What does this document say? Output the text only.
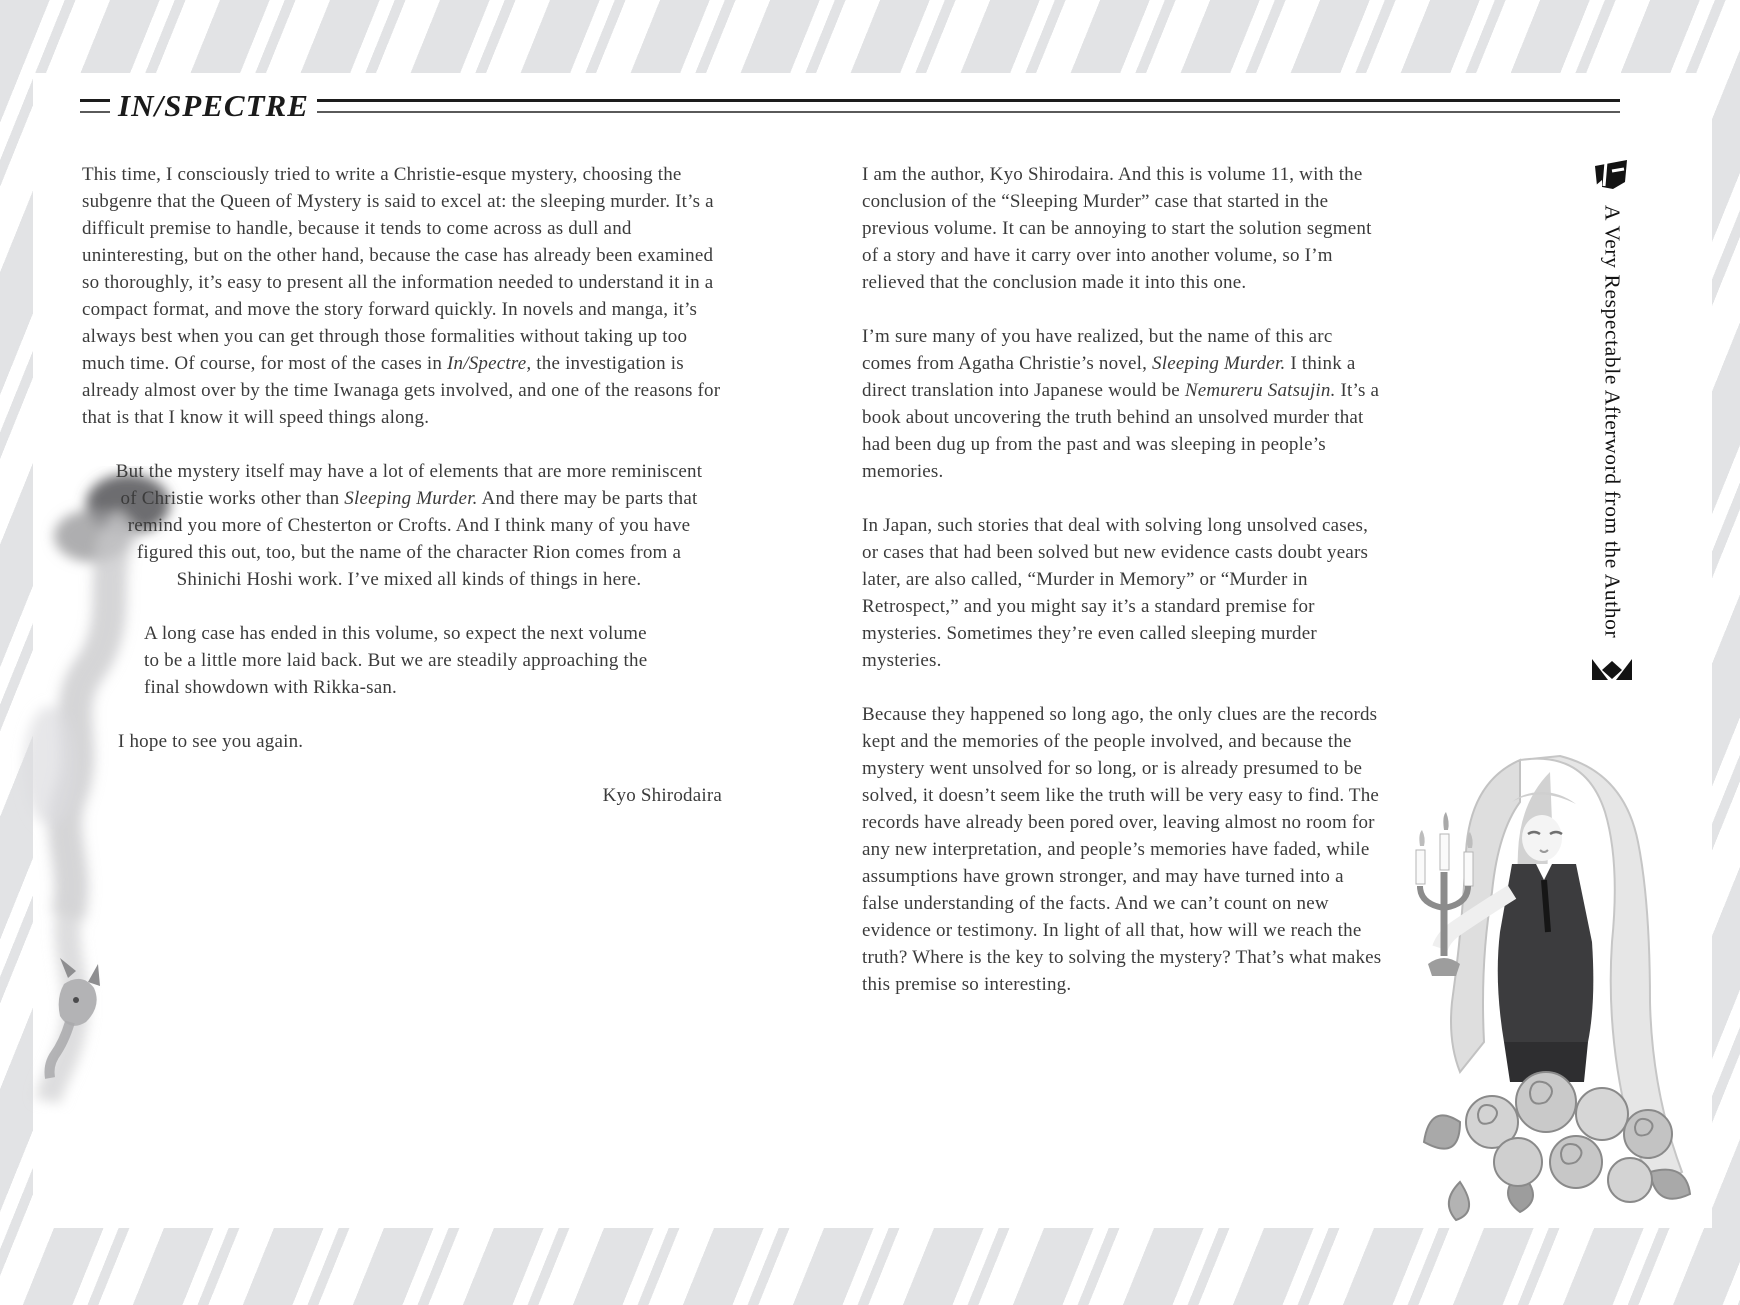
IN/SPECTRE

This time, I consciously tried to write a Christie-esque mystery, choosing the subgenre that the Queen of Mystery is said to excel at: the sleeping murder. It’s a difficult premise to handle, because it tends to come across as dull and uninteresting, but on the other hand, because the case has already been examined so thoroughly, it’s easy to present all the information needed to understand it in a compact format, and move the story forward quickly. In novels and manga, it’s always best when you can get through those formalities without taking up too much time. Of course, for most of the cases in In/Spectre, the investigation is already almost over by the time Iwanaga gets involved, and one of the reasons for that is that I know it will speed things along.

But the mystery itself may have a lot of elements that are more reminiscent of Christie works other than Sleeping Murder. And there may be parts that remind you more of Chesterton or Crofts. And I think many of you have figured this out, too, but the name of the character Rion comes from a Shinichi Hoshi work. I’ve mixed all kinds of things in here.

A long case has ended in this volume, so expect the next volume to be a little more laid back. But we are steadily approaching the final showdown with Rikka-san.

I hope to see you again.

Kyo Shirodaira

I am the author, Kyo Shirodaira. And this is volume 11, with the conclusion of the “Sleeping Murder” case that started in the previous volume. It can be annoying to start the solution segment of a story and have it carry over into another volume, so I’m relieved that the conclusion made it into this one.

I’m sure many of you have realized, but the name of this arc comes from Agatha Christie’s novel, Sleeping Murder. I think a direct translation into Japanese would be Nemureru Satsujin. It’s a book about uncovering the truth behind an unsolved murder that had been dug up from the past and was sleeping in people’s memories.

In Japan, such stories that deal with solving long unsolved cases, or cases that had been solved but new evidence casts doubt years later, are also called, “Murder in Memory” or “Murder in Retrospect,” and you might say it’s a standard premise for mysteries. Sometimes they’re even called sleeping murder mysteries.

Because they happened so long ago, the only clues are the records kept and the memories of the people involved, and because the mystery went unsolved for so long, or is already presumed to be solved, it doesn’t seem like the truth will be very easy to find. The records have already been pored over, leaving almost no room for any new interpretation, and people’s memories have faded, while assumptions have grown stronger, and may have turned into a false understanding of the facts. And we can’t count on new evidence or testimony. In light of all that, how will we reach the truth? Where is the key to solving the mystery? That’s what makes this premise so interesting.

A Very Respectable Afterword from the Author
